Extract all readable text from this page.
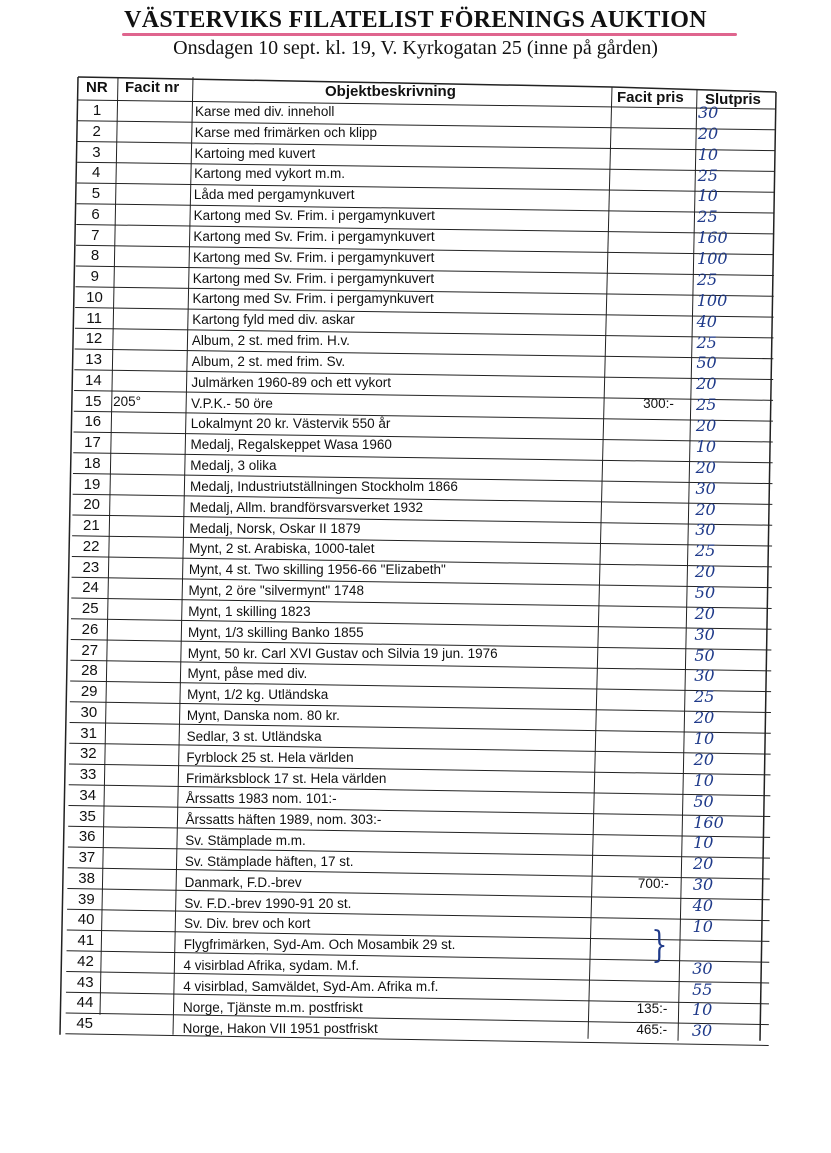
VÄSTERVIKS FILATELIST FÖRENINGS AUKTION
Onsdagen 10 sept. kl. 19, V. Kyrkogatan 25 (inne på gården)
NR Facit nr	Objektbeskrivning	Facit pris Slutpris
1	Karse med div. inneholl	30
2	Karse med frimärken och klipp	20
3	Kartoing med kuvert	10
4	Kartong med vykort m.m.	25
5	Låda med pergamynkuvert	10
6	Kartong med Sv. Frim. i pergamynkuvert	25
7	Kartong med Sv. Frim. i pergamynkuvert	160
8	Kartong med Sv. Frim. i pergamynkuvert	100
9	Kartong med Sv. Frim. i pergamynkuvert	25
10	Kartong med Sv. Frim. i pergamynkuvert	100
11	Kartong fyld med div. askar	40
12	Album, 2 st. med frim. H.v.	25
13	Album, 2 st. med frim. Sv.	50
14	Julmärken 1960-89 och ett vykort	20
15 205°	V.P.K.- 50 öre	300:- 25
16	Lokalmynt 20 kr. Västervik 550 år	20
17	Medalj, Regalskeppet Wasa 1960	10
18	Medalj, 3 olika	20
19	Medalj, Industriutställningen Stockholm 1866	30
20	Medalj, Allm. brandförsvarsverket 1932	20
21	Medalj, Norsk, Oskar II 1879	30
22	Mynt, 2 st. Arabiska, 1000-talet	25
23	Mynt, 4 st. Two skilling 1956-66 "Elizabeth"	20
24	Mynt, 2 öre "silvermynt" 1748	50
25	Mynt, 1 skilling 1823	20
26	Mynt, 1/3 skilling Banko 1855	30
27	Mynt, 50 kr. Carl XVI Gustav och Silvia 19 jun. 1976	50
28	Mynt, påse med div.	30
29	Mynt, 1/2 kg. Utländska	25
30	Mynt, Danska nom. 80 kr.	20
31	Sedlar, 3 st. Utländska	10
32	Fyrblock 25 st. Hela världen	20
33	Frimärksblock 17 st. Hela världen	10
34	Årssatts 1983 nom. 101:-	50
35	Årssatts häften 1989, nom. 303:-	160
36	Sv. Stämplade m.m.	10
37	Sv. Stämplade häften, 17 st.	20
38	Danmark, F.D.-brev	700:- 30
39	Sv. F.D.-brev 1990-91 20 st.	40
40	Sv. Div. brev och kort	10
41	Flygfrimärken, Syd-Am. Och Mosambik 29 st.
42	4 visirblad Afrika, sydam. M.f.	30
43	4 visirblad, Samväldet, Syd-Am. Afrika m.f.	55
44	Norge, Tjänste m.m. postfriskt	135:- 10
45	Norge, Hakon VII 1951 postfriskt	465:- 30
}
